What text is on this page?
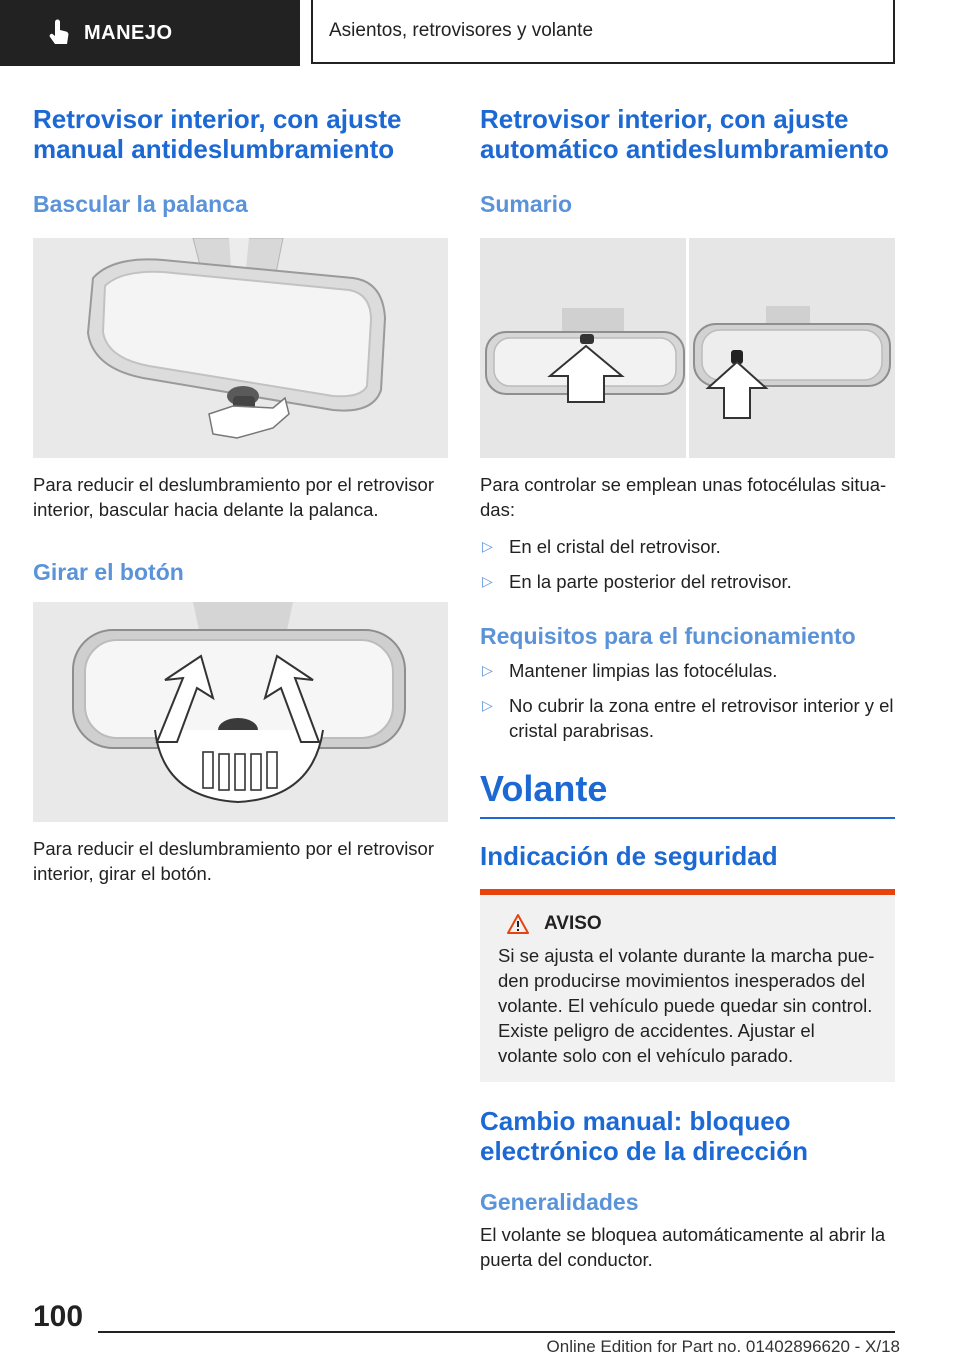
MANEJO	Asientos, retrovisores y volante
Retrovisor interior, con ajuste manual antideslumbramiento
Bascular la palanca

Para reducir el deslumbramiento por el retrovisor interior, bascular hacia delante la palanca.

Girar el botón

Para reducir el deslumbramiento por el retrovisor interior, girar el botón.

Retrovisor interior, con ajuste automático antideslumbramiento
Sumario

Para controlar se emplean unas fotocélulas situadas:

▷ En el cristal del retrovisor.
▷ En la parte posterior del retrovisor.
Requisitos para el funcionamiento
▷ Mantener limpias las fotocélulas.
▷ No cubrir la zona entre el retrovisor interior y el cristal parabrisas.
Volante
Indicación de seguridad
AVISO

Si se ajusta el volante durante la marcha pueden producirse movimientos inesperados del volante. El vehículo puede quedar sin control. Existe peligro de accidentes. Ajustar el volante solo con el vehículo parado.

Cambio manual: bloqueo electrónico de la dirección
Generalidades

El volante se bloquea automáticamente al abrir la puerta del conductor.

100
Online Edition for Part no. 01402896620 - X/18
